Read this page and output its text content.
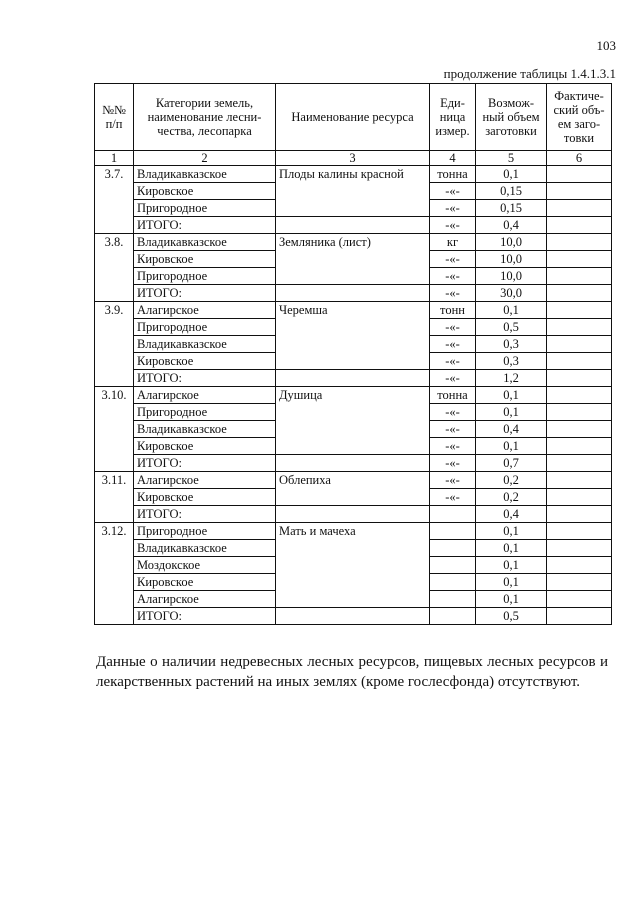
103
продолжение таблицы 1.4.1.3.1
№№ п/п	Категории земель, наименование лесни-чества, лесопарка	Наименование ресурса	Еди-ница измер.	Возмож-ный объем заготовки	Фактиче-ский объ-ем заго-товки
1	2	3	4	5	6
3.7.	Владикавказское	Плоды калины красной	тонна	0,1	
	Кировское		-«-	0,15	
	Пригородное		-«-	0,15	
	ИТОГО:		-«-	0,4	
3.8.	Владикавказское	Земляника (лист)	кг	10,0	
	Кировское		-«-	10,0	
	Пригородное		-«-	10,0	
	ИТОГО:		-«-	30,0	
3.9.	Алагирское	Черемша	тонн	0,1	
	Пригородное		-«-	0,5	
	Владикавказское		-«-	0,3	
	Кировское		-«-	0,3	
	ИТОГО:		-«-	1,2	
3.10.	Алагирское	Душица	тонна	0,1	
	Пригородное		-«-	0,1	
	Владикавказское		-«-	0,4	
	Кировское		-«-	0,1	
	ИТОГО:		-«-	0,7	
3.11.	Алагирское	Облепиха	-«-	0,2	
	Кировское		-«-	0,2	
	ИТОГО:			0,4	
3.12.	Пригородное	Мать и мачеха		0,1	
	Владикавказское			0,1	
	Моздокское			0,1	
	Кировское			0,1	
	Алагирское			0,1	
	ИТОГО:			0,5	
Данные о наличии недревесных лесных ресурсов, пищевых лесных ресурсов и лекарственных растений на иных землях (кроме гослесфонда) отсутствуют.
